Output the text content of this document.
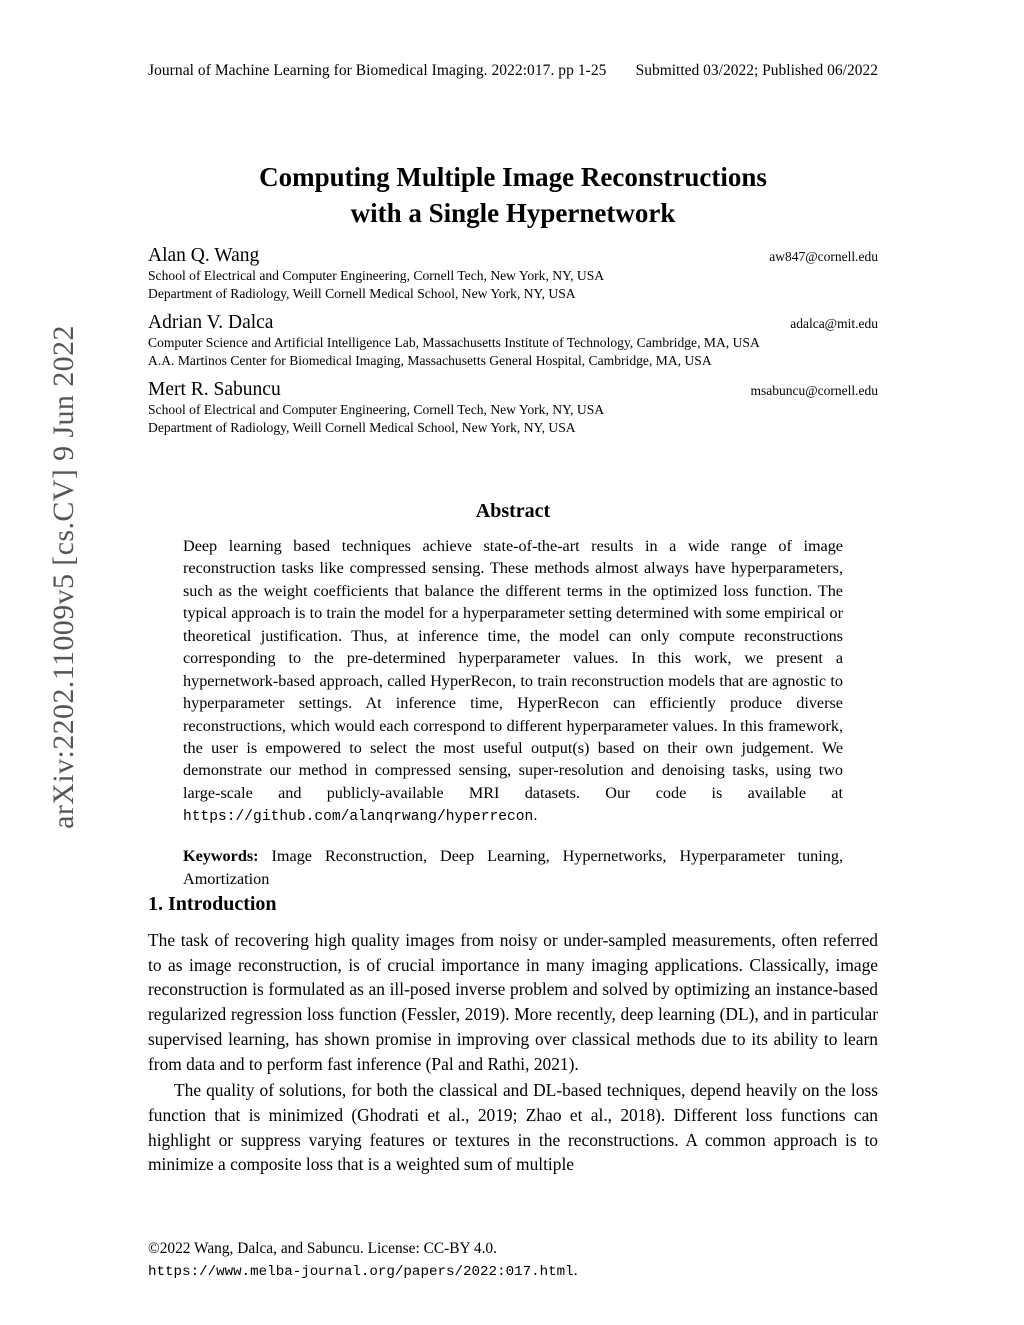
arXiv:2202.11009v5 [cs.CV] 9 Jun 2022
Journal of Machine Learning for Biomedical Imaging. 2022:017. pp 1-25 Submitted 03/2022; Published 06/2022
Computing Multiple Image Reconstructions
with a Single Hypernetwork
Alan Q. Wang	aw847@cornell.edu
School of Electrical and Computer Engineering, Cornell Tech, New York, NY, USA
Department of Radiology, Weill Cornell Medical School, New York, NY, USA
Adrian V. Dalca	adalca@mit.edu
Computer Science and Artificial Intelligence Lab, Massachusetts Institute of Technology, Cambridge, MA, USA
A.A. Martinos Center for Biomedical Imaging, Massachusetts General Hospital, Cambridge, MA, USA
Mert R. Sabuncu	msabuncu@cornell.edu
School of Electrical and Computer Engineering, Cornell Tech, New York, NY, USA
Department of Radiology, Weill Cornell Medical School, New York, NY, USA
Abstract
Deep learning based techniques achieve state-of-the-art results in a wide range of image reconstruction tasks like compressed sensing. These methods almost always have hyperparameters, such as the weight coefficients that balance the different terms in the optimized loss function. The typical approach is to train the model for a hyperparameter setting determined with some empirical or theoretical justification. Thus, at inference time, the model can only compute reconstructions corresponding to the pre-determined hyperparameter values. In this work, we present a hypernetwork-based approach, called HyperRecon, to train reconstruction models that are agnostic to hyperparameter settings. At inference time, HyperRecon can efficiently produce diverse reconstructions, which would each correspond to different hyperparameter values. In this framework, the user is empowered to select the most useful output(s) based on their own judgement. We demonstrate our method in compressed sensing, super-resolution and denoising tasks, using two large-scale and publicly-available MRI datasets. Our code is available at https://github.com/alanqrwang/hyperrecon.
Keywords: Image Reconstruction, Deep Learning, Hypernetworks, Hyperparameter tuning, Amortization
1. Introduction

The task of recovering high quality images from noisy or under-sampled measurements, often referred to as image reconstruction, is of crucial importance in many imaging applications. Classically, image reconstruction is formulated as an ill-posed inverse problem and solved by optimizing an instance-based regularized regression loss function (Fessler, 2019). More recently, deep learning (DL), and in particular supervised learning, has shown promise in improving over classical methods due to its ability to learn from data and to perform fast inference (Pal and Rathi, 2021).

The quality of solutions, for both the classical and DL-based techniques, depend heavily on the loss function that is minimized (Ghodrati et al., 2019; Zhao et al., 2018). Different loss functions can highlight or suppress varying features or textures in the reconstructions. A common approach is to minimize a composite loss that is a weighted sum of multiple

©2022 Wang, Dalca, and Sabuncu. License: CC-BY 4.0.
https://www.melba-journal.org/papers/2022:017.html.
